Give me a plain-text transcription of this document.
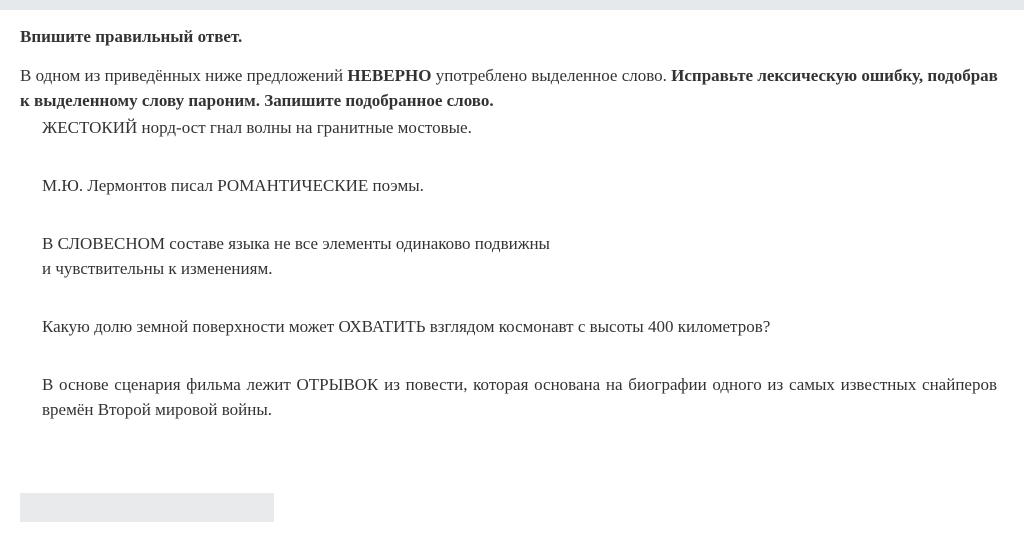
Впишите правильный ответ.

В одном из приведённых ниже предложений НЕВЕРНО употреблено выделенное слово. Исправьте лексическую ошибку, подобрав
к выделенному слову пароним. Запишите подобранное слово.

ЖЕСТОКИЙ норд-ост гнал волны на гранитные мостовые.

М.Ю. Лермонтов писал РОМАНТИЧЕСКИЕ поэмы.

В СЛОВЕСНОМ составе языка не все элементы одинаково подвижны
и чувствительны к изменениям.

Какую долю земной поверхности может ОХВАТИТЬ взглядом космонавт с высоты 400 километров?

В основе сценария фильма лежит ОТРЫВОК из повести, которая основана на биографии одного из самых известных снайперов времён Второй мировой войны.
